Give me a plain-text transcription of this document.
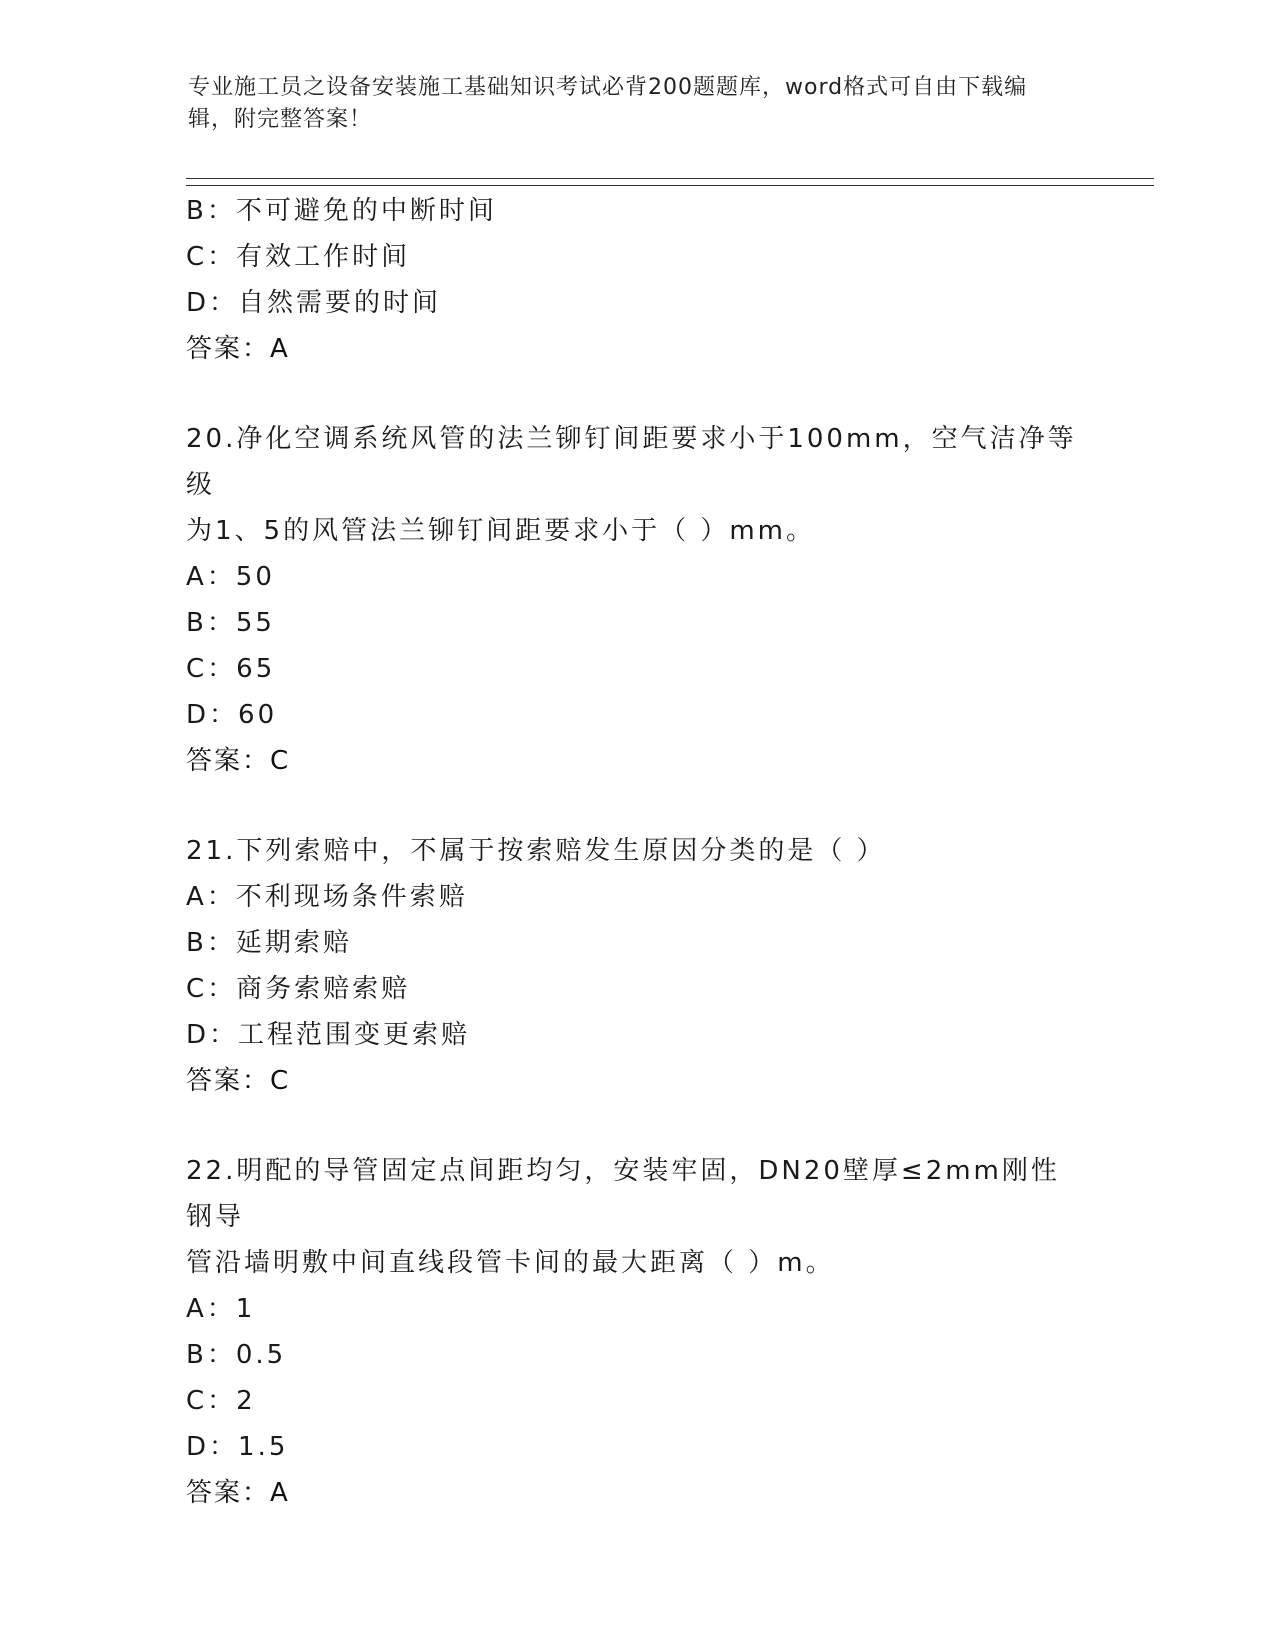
专业施工员之设备安装施工基础知识考试必背200题题库，word格式可自由下载编辑，附完整答案！
B：不可避免的中断时间
C：有效工作时间
D：自然需要的时间
答案：A
20.净化空调系统风管的法兰铆钉间距要求小于100mm，空气洁净等级
为1、5的风管法兰铆钉间距要求小于（ ）mm。
A：50
B：55
C：65
D：60
答案：C
21.下列索赔中，不属于按索赔发生原因分类的是（ ）
A：不利现场条件索赔
B：延期索赔
C：商务索赔索赔
D：工程范围变更索赔
答案：C
22.明配的导管固定点间距均匀，安装牢固，DN20壁厚≤2mm刚性钢导
管沿墙明敷中间直线段管卡间的最大距离（ ）m。
A：1
B：0.5
C：2
D：1.5
答案：A
